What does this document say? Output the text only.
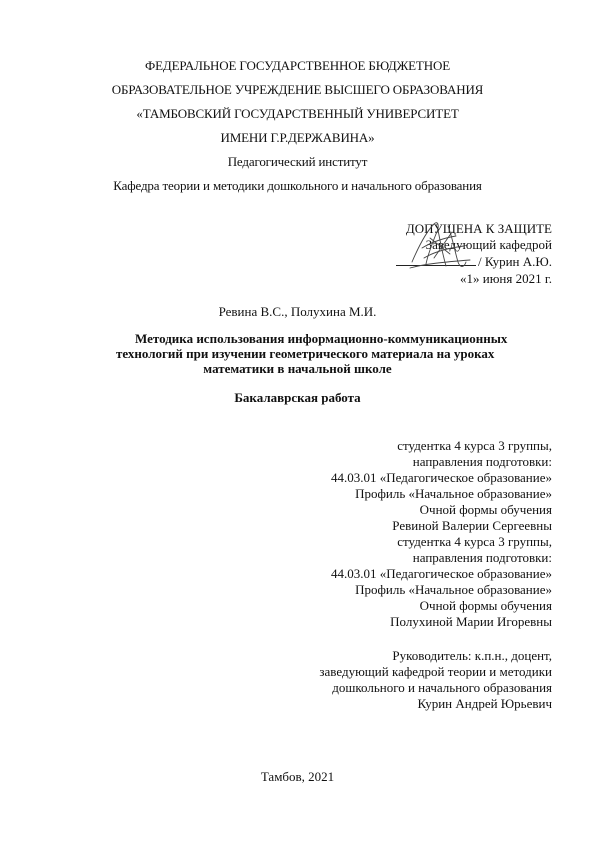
ФЕДЕРАЛЬНОЕ ГОСУДАРСТВЕННОЕ БЮДЖЕТНОЕ
ОБРАЗОВАТЕЛЬНОЕ УЧРЕЖДЕНИЕ ВЫСШЕГО ОБРАЗОВАНИЯ
«ТАМБОВСКИЙ ГОСУДАРСТВЕННЫЙ УНИВЕРСИТЕТ
ИМЕНИ Г.Р.ДЕРЖАВИНА»
Педагогический институт
Кафедра теории и методики дошкольного и начального образования
ДОПУЩЕНА К ЗАЩИТЕ
Заведующий кафедрой
/ Курин А.Ю.
«1» июня 2021 г.
Ревина В.С., Полухина М.И.
Методика использования информационно-коммуникационных
технологий при изучении геометрического материала на уроках
математики в начальной школе
Бакалаврская работа
студентка 4 курса 3 группы,
направления подготовки:
44.03.01 «Педагогическое образование»
Профиль «Начальное образование»
Очной формы обучения
Ревиной Валерии Сергеевны
студентка 4 курса 3 группы,
направления подготовки:
44.03.01 «Педагогическое образование»
Профиль «Начальное образование»
Очной формы обучения
Полухиной Марии Игоревны
Руководитель: к.п.н., доцент,
заведующий кафедрой теории и методики
дошкольного и начального образования
Курин Андрей Юрьевич
Тамбов, 2021
